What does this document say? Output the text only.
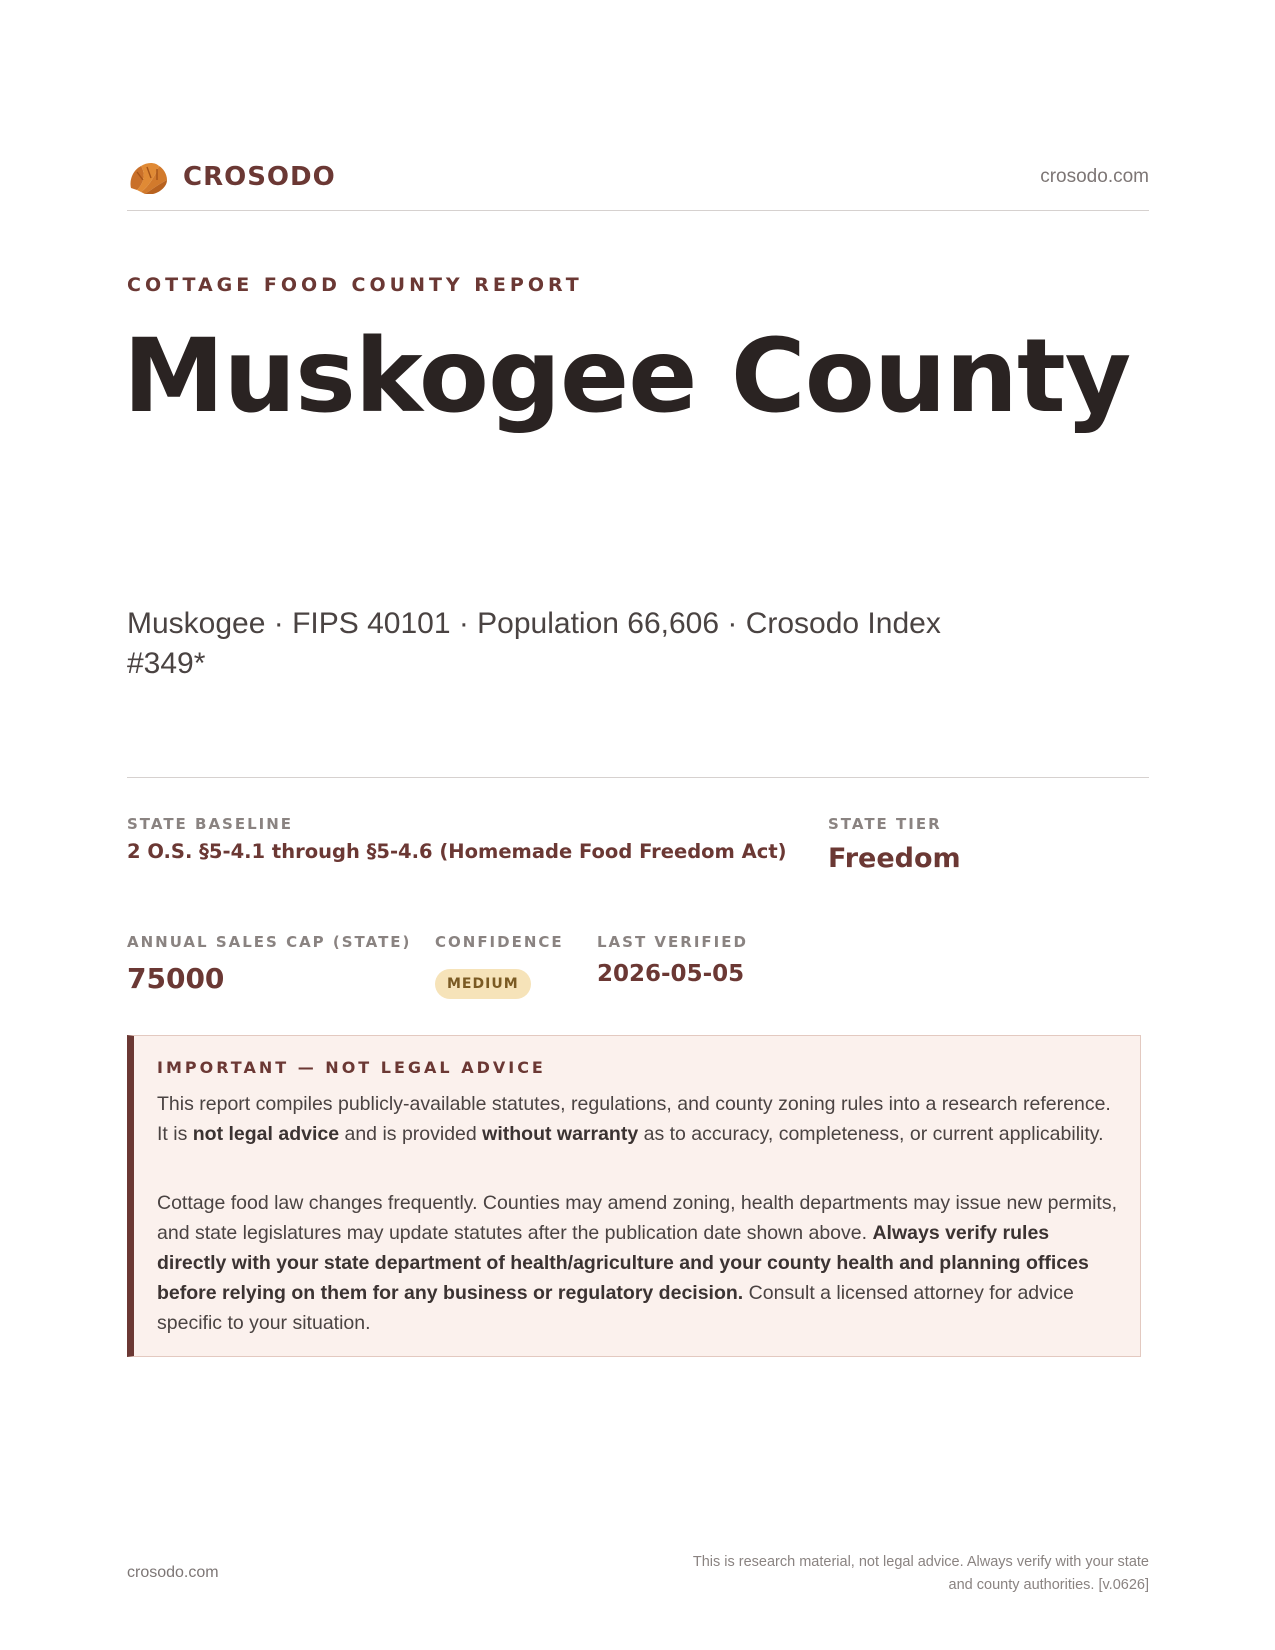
CROSODO	crosodo.com
COTTAGE FOOD COUNTY REPORT
Muskogee County
Muskogee · FIPS 40101 · Population 66,606 · Crosodo Index #349*
STATE BASELINE
2 O.S. §5-4.1 through §5-4.6 (Homemade Food Freedom Act)
STATE TIER
Freedom
ANNUAL SALES CAP (STATE)
75000
CONFIDENCE
MEDIUM
LAST VERIFIED
2026-05-05
IMPORTANT — NOT LEGAL ADVICE

This report compiles publicly-available statutes, regulations, and county zoning rules into a research reference. It is not legal advice and is provided without warranty as to accuracy, completeness, or current applicability.

Cottage food law changes frequently. Counties may amend zoning, health departments may issue new permits, and state legislatures may update statutes after the publication date shown above. Always verify rules directly with your state department of health/agriculture and your county health and planning offices before relying on them for any business or regulatory decision. Consult a licensed attorney for advice specific to your situation.

crosodo.com
This is research material, not legal advice. Always verify with your state
and county authorities. [v.0626]
